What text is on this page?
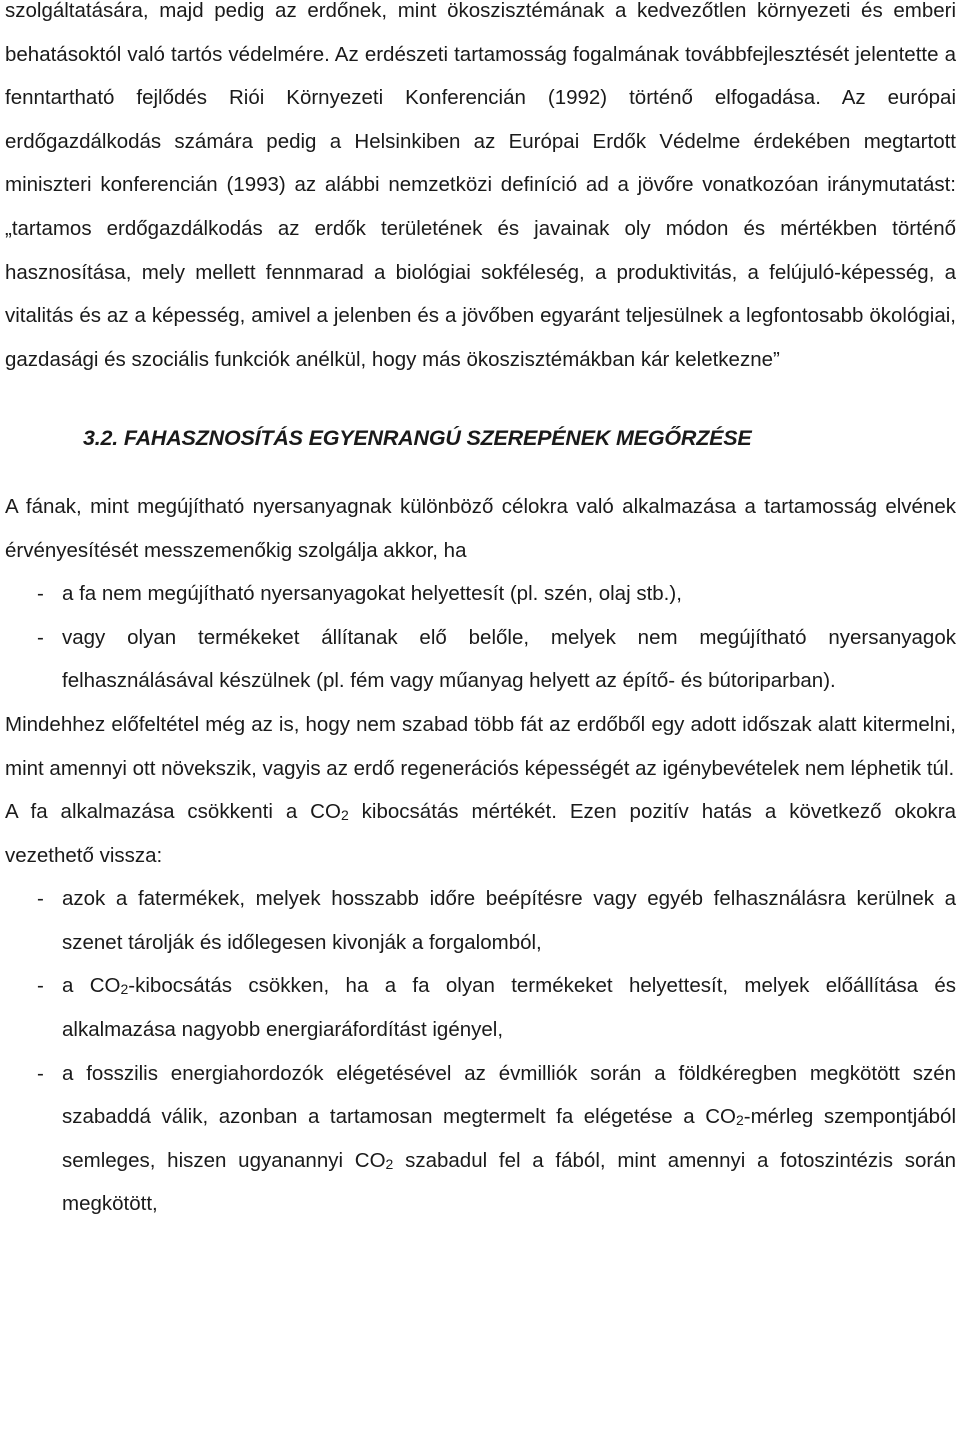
szolgáltatására, majd pedig az erdőnek, mint ökoszisztémának a kedvezőtlen környezeti és emberi behatásoktól való tartós védelmére. Az erdészeti tartamosság fogalmának továbbfejlesztését jelentette a fenntartható fejlődés Riói Környezeti Konferencián (1992) történő elfogadása. Az európai erdőgazdálkodás számára pedig a Helsinkiben az Európai Erdők Védelme érdekében megtartott miniszteri konferencián (1993) az alábbi nemzetközi definíció ad a jövőre vonatkozóan iránymutatást: „tartamos erdőgazdálkodás az erdők területének és javainak oly módon és mértékben történő hasznosítása, mely mellett fennmarad a biológiai sokféleség, a produktivitás, a felújuló-képesség, a vitalitás és az a képesség, amivel a jelenben és a jövőben egyaránt teljesülnek a legfontosabb ökológiai, gazdasági és szociális funkciók anélkül, hogy más ökoszisztémákban kár keletkezne”

3.2. FAHASZNOSÍTÁS EGYENRANGÚ SZEREPÉNEK MEGŐRZÉSE

A fának, mint megújítható nyersanyagnak különböző célokra való alkalmazása a tartamosság elvének érvényesítését messzemenőkig szolgálja akkor, ha

- a fa nem megújítható nyersanyagokat helyettesít (pl. szén, olaj stb.),
- vagy olyan termékeket állítanak elő belőle, melyek nem megújítható nyersanyagok felhasználásával készülnek (pl. fém vagy műanyag helyett az építő- és bútoriparban).

Mindehhez előfeltétel még az is, hogy nem szabad több fát az erdőből egy adott időszak alatt kitermelni, mint amennyi ott növekszik, vagyis az erdő regenerációs képességét az igénybevételek nem léphetik túl.

A fa alkalmazása csökkenti a $CO_2$ kibocsátás mértékét. Ezen pozitív hatás a következő okokra vezethető vissza:

- azok a fatermékek, melyek hosszabb időre beépítésre vagy egyéb felhasználásra kerülnek a szenet tárolják és időlegesen kivonják a forgalomból,
- a $CO_2$-kibocsátás csökken, ha a fa olyan termékeket helyettesít, melyek előállítása és alkalmazása nagyobb energiaráfordítást igényel,
- a fosszilis energiahordozók elégetésével az évmilliók során a földkéregben megkötött szén szabaddá válik, azonban a tartamosan megtermelt fa elégetése a $CO_2$-mérleg szempontjából semleges, hiszen ugyanannyi $CO_2$ szabadul fel a fából, mint amennyi a fotoszintézis során megkötött,
